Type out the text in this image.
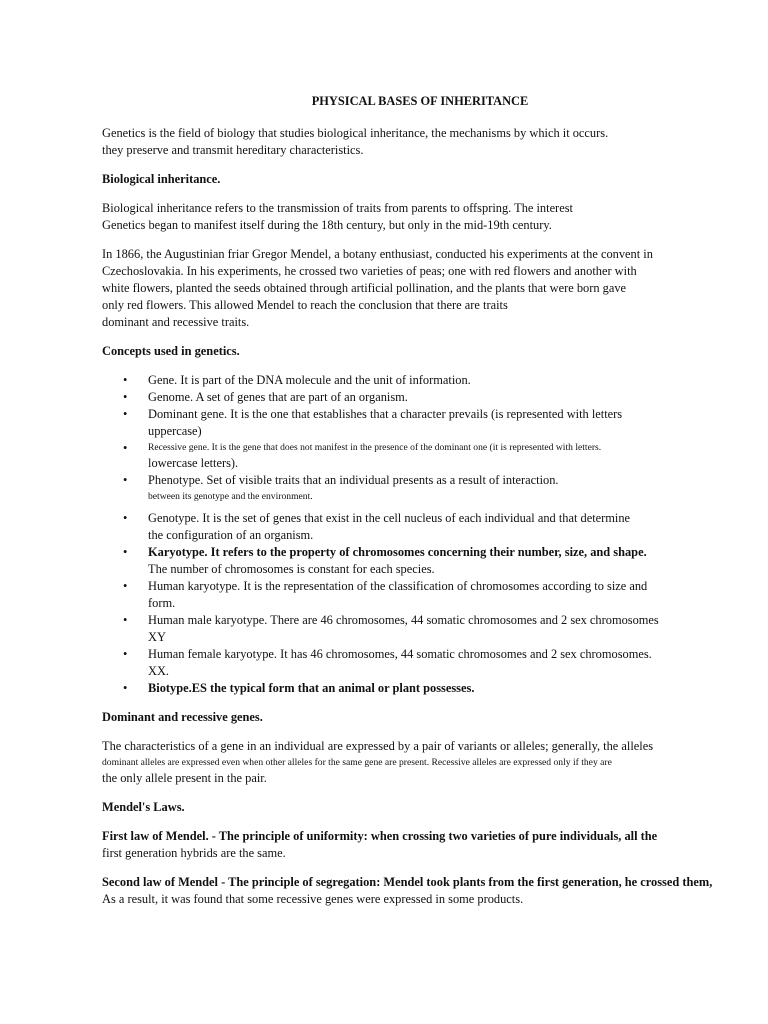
PHYSICAL BASES OF INHERITANCE

Genetics is the field of biology that studies biological inheritance, the mechanisms by which it occurs.

they preserve and transmit hereditary characteristics.

Biological inheritance.

Biological inheritance refers to the transmission of traits from parents to offspring. The interest

Genetics began to manifest itself during the 18th century, but only in the mid-19th century.

In 1866, the Augustinian friar Gregor Mendel, a botany enthusiast, conducted his experiments at the convent in

Czechoslovakia. In his experiments, he crossed two varieties of peas; one with red flowers and another with

white flowers, planted the seeds obtained through artificial pollination, and the plants that were born gave

only red flowers. This allowed Mendel to reach the conclusion that there are traits

dominant and recessive traits.

Concepts used in genetics.

• Gene. It is part of the DNA molecule and the unit of information.
• Genome. A set of genes that are part of an organism.
• Dominant gene. It is the one that establishes that a character prevails (is represented with letters
uppercase)
• Recessive gene. It is the gene that does not manifest in the presence of the dominant one (it is represented with letters.
lowercase letters).
• Phenotype. Set of visible traits that an individual presents as a result of interaction.
between its genotype and the environment.
• Genotype. It is the set of genes that exist in the cell nucleus of each individual and that determine
the configuration of an organism.
• Karyotype. It refers to the property of chromosomes concerning their number, size, and shape.
The number of chromosomes is constant for each species.
• Human karyotype. It is the representation of the classification of chromosomes according to size and
form.
• Human male karyotype. There are 46 chromosomes, 44 somatic chromosomes and 2 sex chromosomes XY
• Human female karyotype. It has 46 chromosomes, 44 somatic chromosomes and 2 sex chromosomes.
XX.
• Biotype.ES the typical form that an animal or plant possesses.

Dominant and recessive genes.

The characteristics of a gene in an individual are expressed by a pair of variants or alleles; generally, the alleles

dominant alleles are expressed even when other alleles for the same gene are present. Recessive alleles are expressed only if they are

the only allele present in the pair.

Mendel's Laws.

First law of Mendel. - The principle of uniformity: when crossing two varieties of pure individuals, all the

first generation hybrids are the same.

Second law of Mendel - The principle of segregation: Mendel took plants from the first generation, he crossed them,

As a result, it was found that some recessive genes were expressed in some products.
